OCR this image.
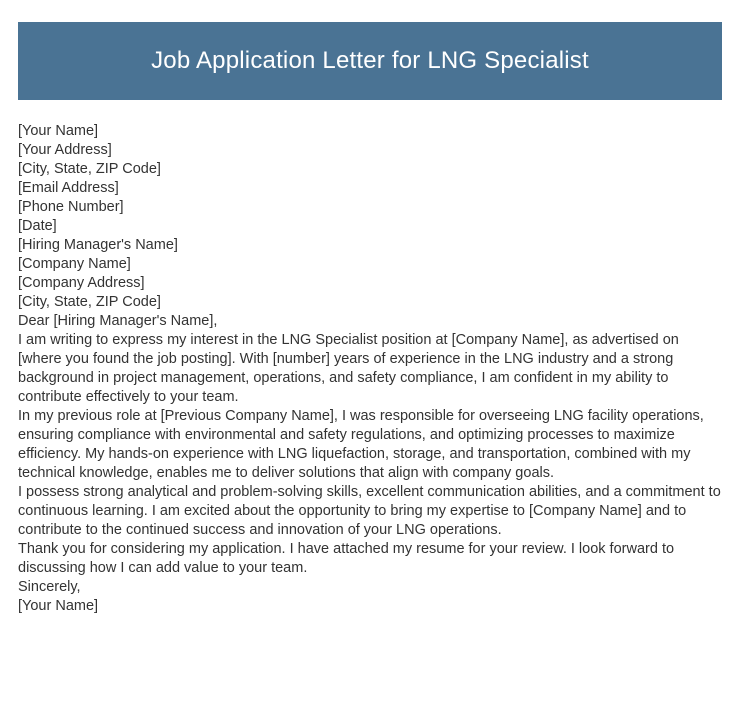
Job Application Letter for LNG Specialist
[Your Name]
[Your Address]
[City, State, ZIP Code]
[Email Address]
[Phone Number]
[Date]
[Hiring Manager's Name]
[Company Name]
[Company Address]
[City, State, ZIP Code]
Dear [Hiring Manager's Name],

I am writing to express my interest in the LNG Specialist position at [Company Name], as advertised on [where you found the job posting]. With [number] years of experience in the LNG industry and a strong background in project management, operations, and safety compliance, I am confident in my ability to contribute effectively to your team.

In my previous role at [Previous Company Name], I was responsible for overseeing LNG facility operations, ensuring compliance with environmental and safety regulations, and optimizing processes to maximize efficiency. My hands-on experience with LNG liquefaction, storage, and transportation, combined with my technical knowledge, enables me to deliver solutions that align with company goals.

I possess strong analytical and problem-solving skills, excellent communication abilities, and a commitment to continuous learning. I am excited about the opportunity to bring my expertise to [Company Name] and to contribute to the continued success and innovation of your LNG operations.

Thank you for considering my application. I have attached my resume for your review. I look forward to discussing how I can add value to your team.

Sincerely,
[Your Name]
